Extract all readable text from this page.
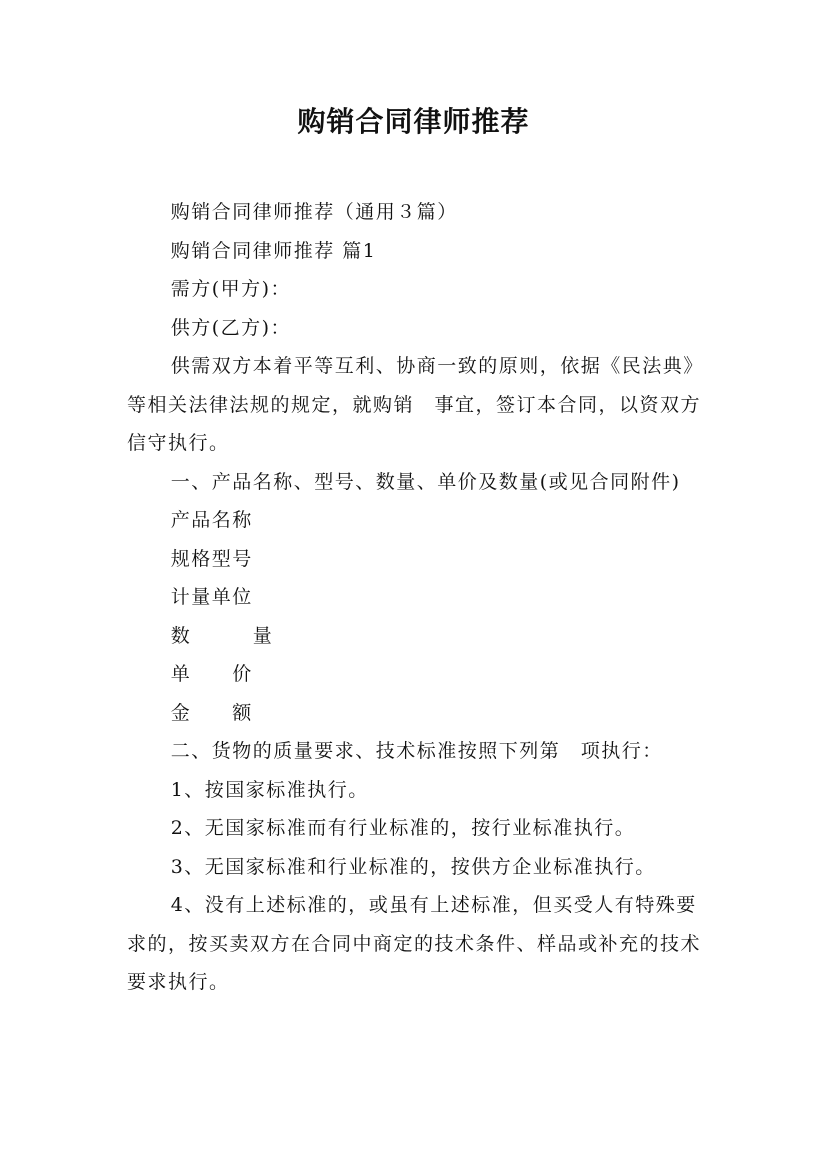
购销合同律师推荐

购销合同律师推荐（通用３篇）

购销合同律师推荐 篇1

需方(甲方)：

供方(乙方)：

供需双方本着平等互利、协商一致的原则，依据《民法典》等相关法律法规的规定，就购销　事宜，签订本合同，以资双方信守执行。

一、产品名称、型号、数量、单价及数量(或见合同附件)

产品名称

规格型号

计量单位

数　　　量

单　　价

金　　额

二、货物的质量要求、技术标准按照下列第　项执行：

1、按国家标准执行。

2、无国家标准而有行业标准的，按行业标准执行。

3、无国家标准和行业标准的，按供方企业标准执行。

4、没有上述标准的，或虽有上述标准，但买受人有特殊要求的，按买卖双方在合同中商定的技术条件、样品或补充的技术要求执行。
